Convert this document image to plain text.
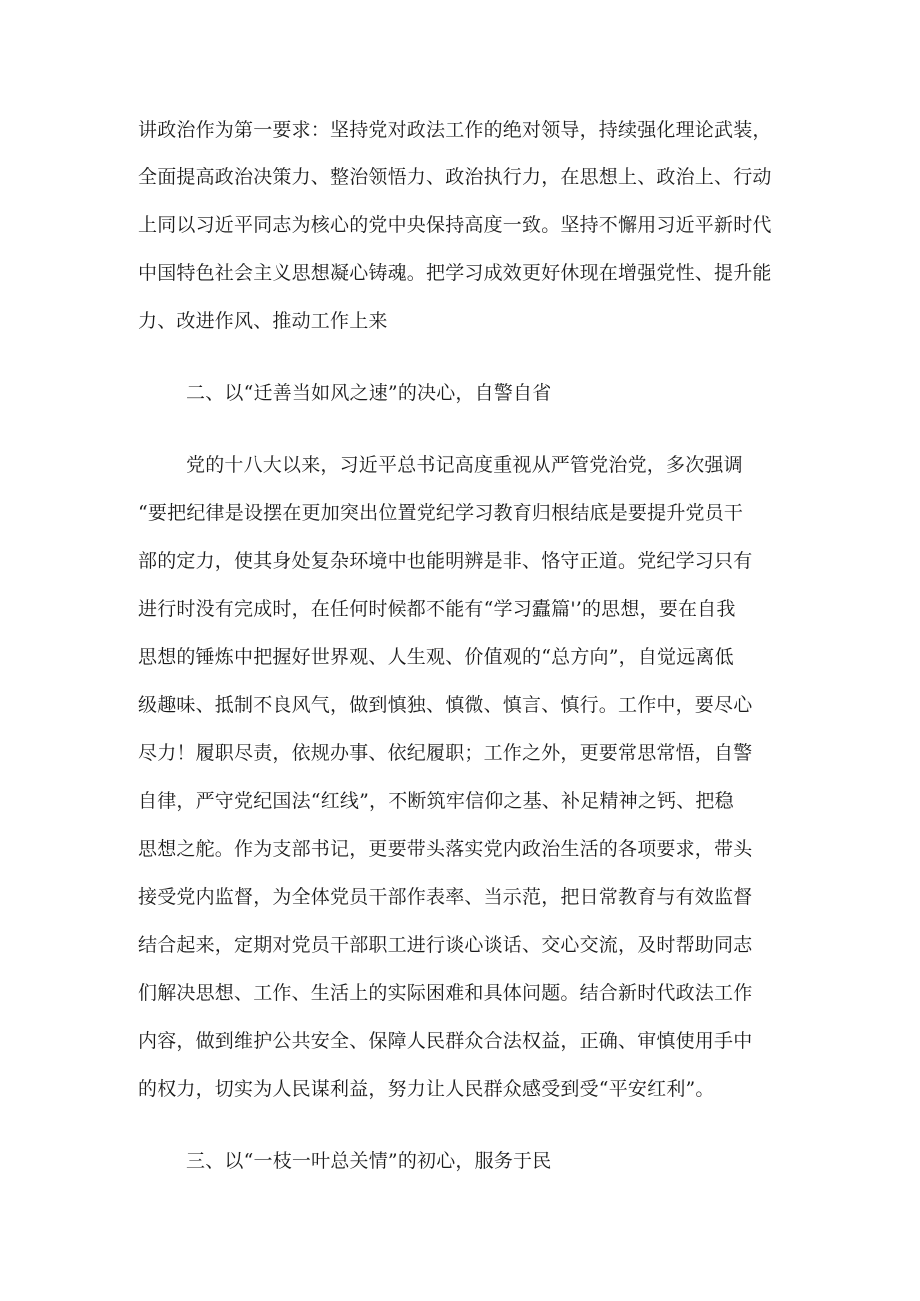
讲政治作为第一要求：坚持党对政法工作的绝对领导，持续强化理论武装，
全面提高政治决策力、整治领悟力、政治执行力，在思想上、政治上、行动
上同以习近平同志为核心的党中央保持高度一致。坚持不懈用习近平新时代
中国特色社会主义思想凝心铸魂。把学习成效更好休现在增强党性、提升能
力、改进作风、推动工作上来
二、以“迁善当如风之速”的决心，自警自省
党的十八大以来，习近平总书记高度重视从严管党治党，多次强调
“要把纪律是设摆在更加突出位置党纪学习教育归根结底是要提升党员干
部的定力，使其身处复杂环境中也能明辨是非、恪守正道。党纪学习只有
进行时没有完成时，在任何时候都不能有“学习蠹篇'’的思想，要在自我
思想的锤炼中把握好世界观、人生观、价值观的“总方向”，自觉远离低
级趣味、抵制不良风气，做到慎独、慎微、慎言、慎行。工作中，要尽心
尽力！履职尽责，依规办事、依纪履职；工作之外，更要常思常悟，自警
自律，严守党纪国法“红线”，不断筑牢信仰之基、补足精神之钙、把稳
思想之舵。作为支部书记，更要带头落实党内政治生活的各项要求，带头
接受党内监督，为全体党员干部作表率、当示范，把日常教育与有效监督
结合起来，定期对党员干部职工进行谈心谈话、交心交流，及时帮助同志
们解决思想、工作、生活上的实际困难和具体问题。结合新时代政法工作
内容，做到维护公共安全、保障人民群众合法权益，正确、审慎使用手中
的权力，切实为人民谋利益，努力让人民群众感受到受“平安红利”。
三、以“一枝一叶总关情”的初心，服务于民
